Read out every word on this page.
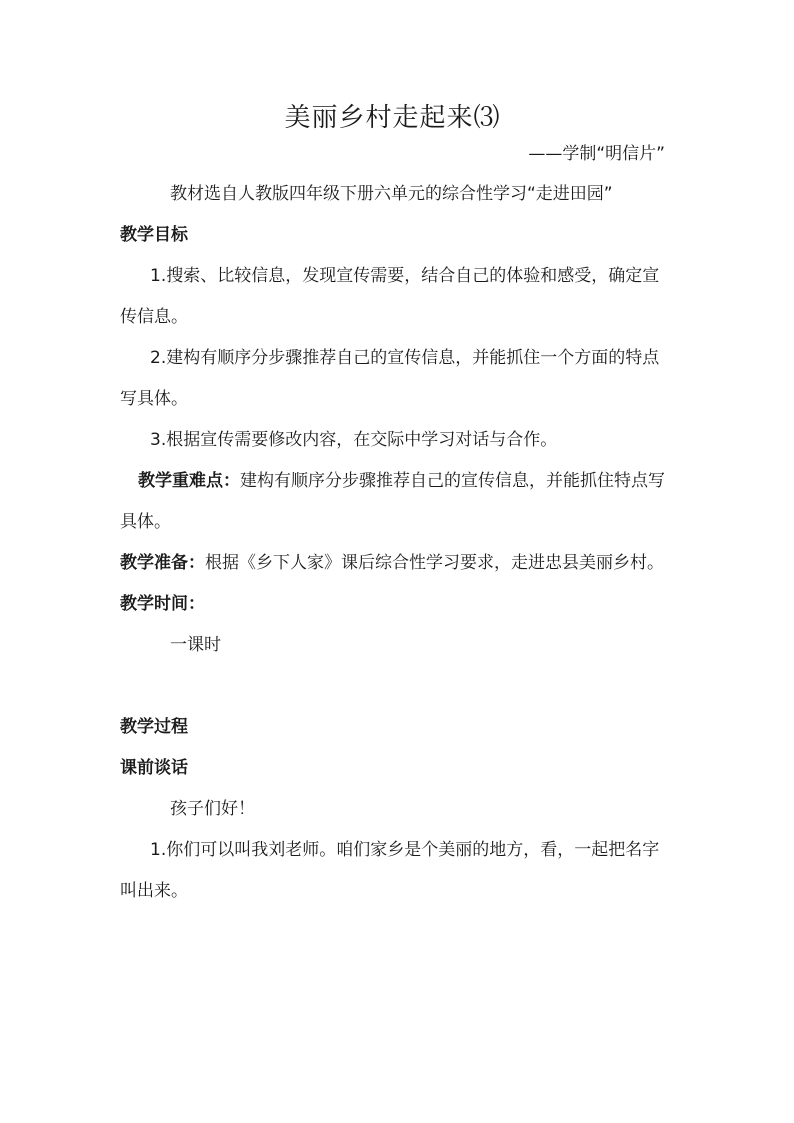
美丽乡村走起来⑶
——学制“明信片”

教材选自人教版四年级下册六单元的综合性学习“走进田园”

教学目标

1.搜索、比较信息，发现宣传需要，结合自己的体验和感受，确定宣传信息。

2.建构有顺序分步骤推荐自己的宣传信息，并能抓住一个方面的特点写具体。

3.根据宣传需要修改内容，在交际中学习对话与合作。

教学重难点：建构有顺序分步骤推荐自己的宣传信息，并能抓住特点写具体。

教学准备：根据《乡下人家》课后综合性学习要求，走进忠县美丽乡村。

教学时间：

一课时

教学过程

课前谈话

孩子们好！

1.你们可以叫我刘老师。咱们家乡是个美丽的地方，看，一起把名字叫出来。
